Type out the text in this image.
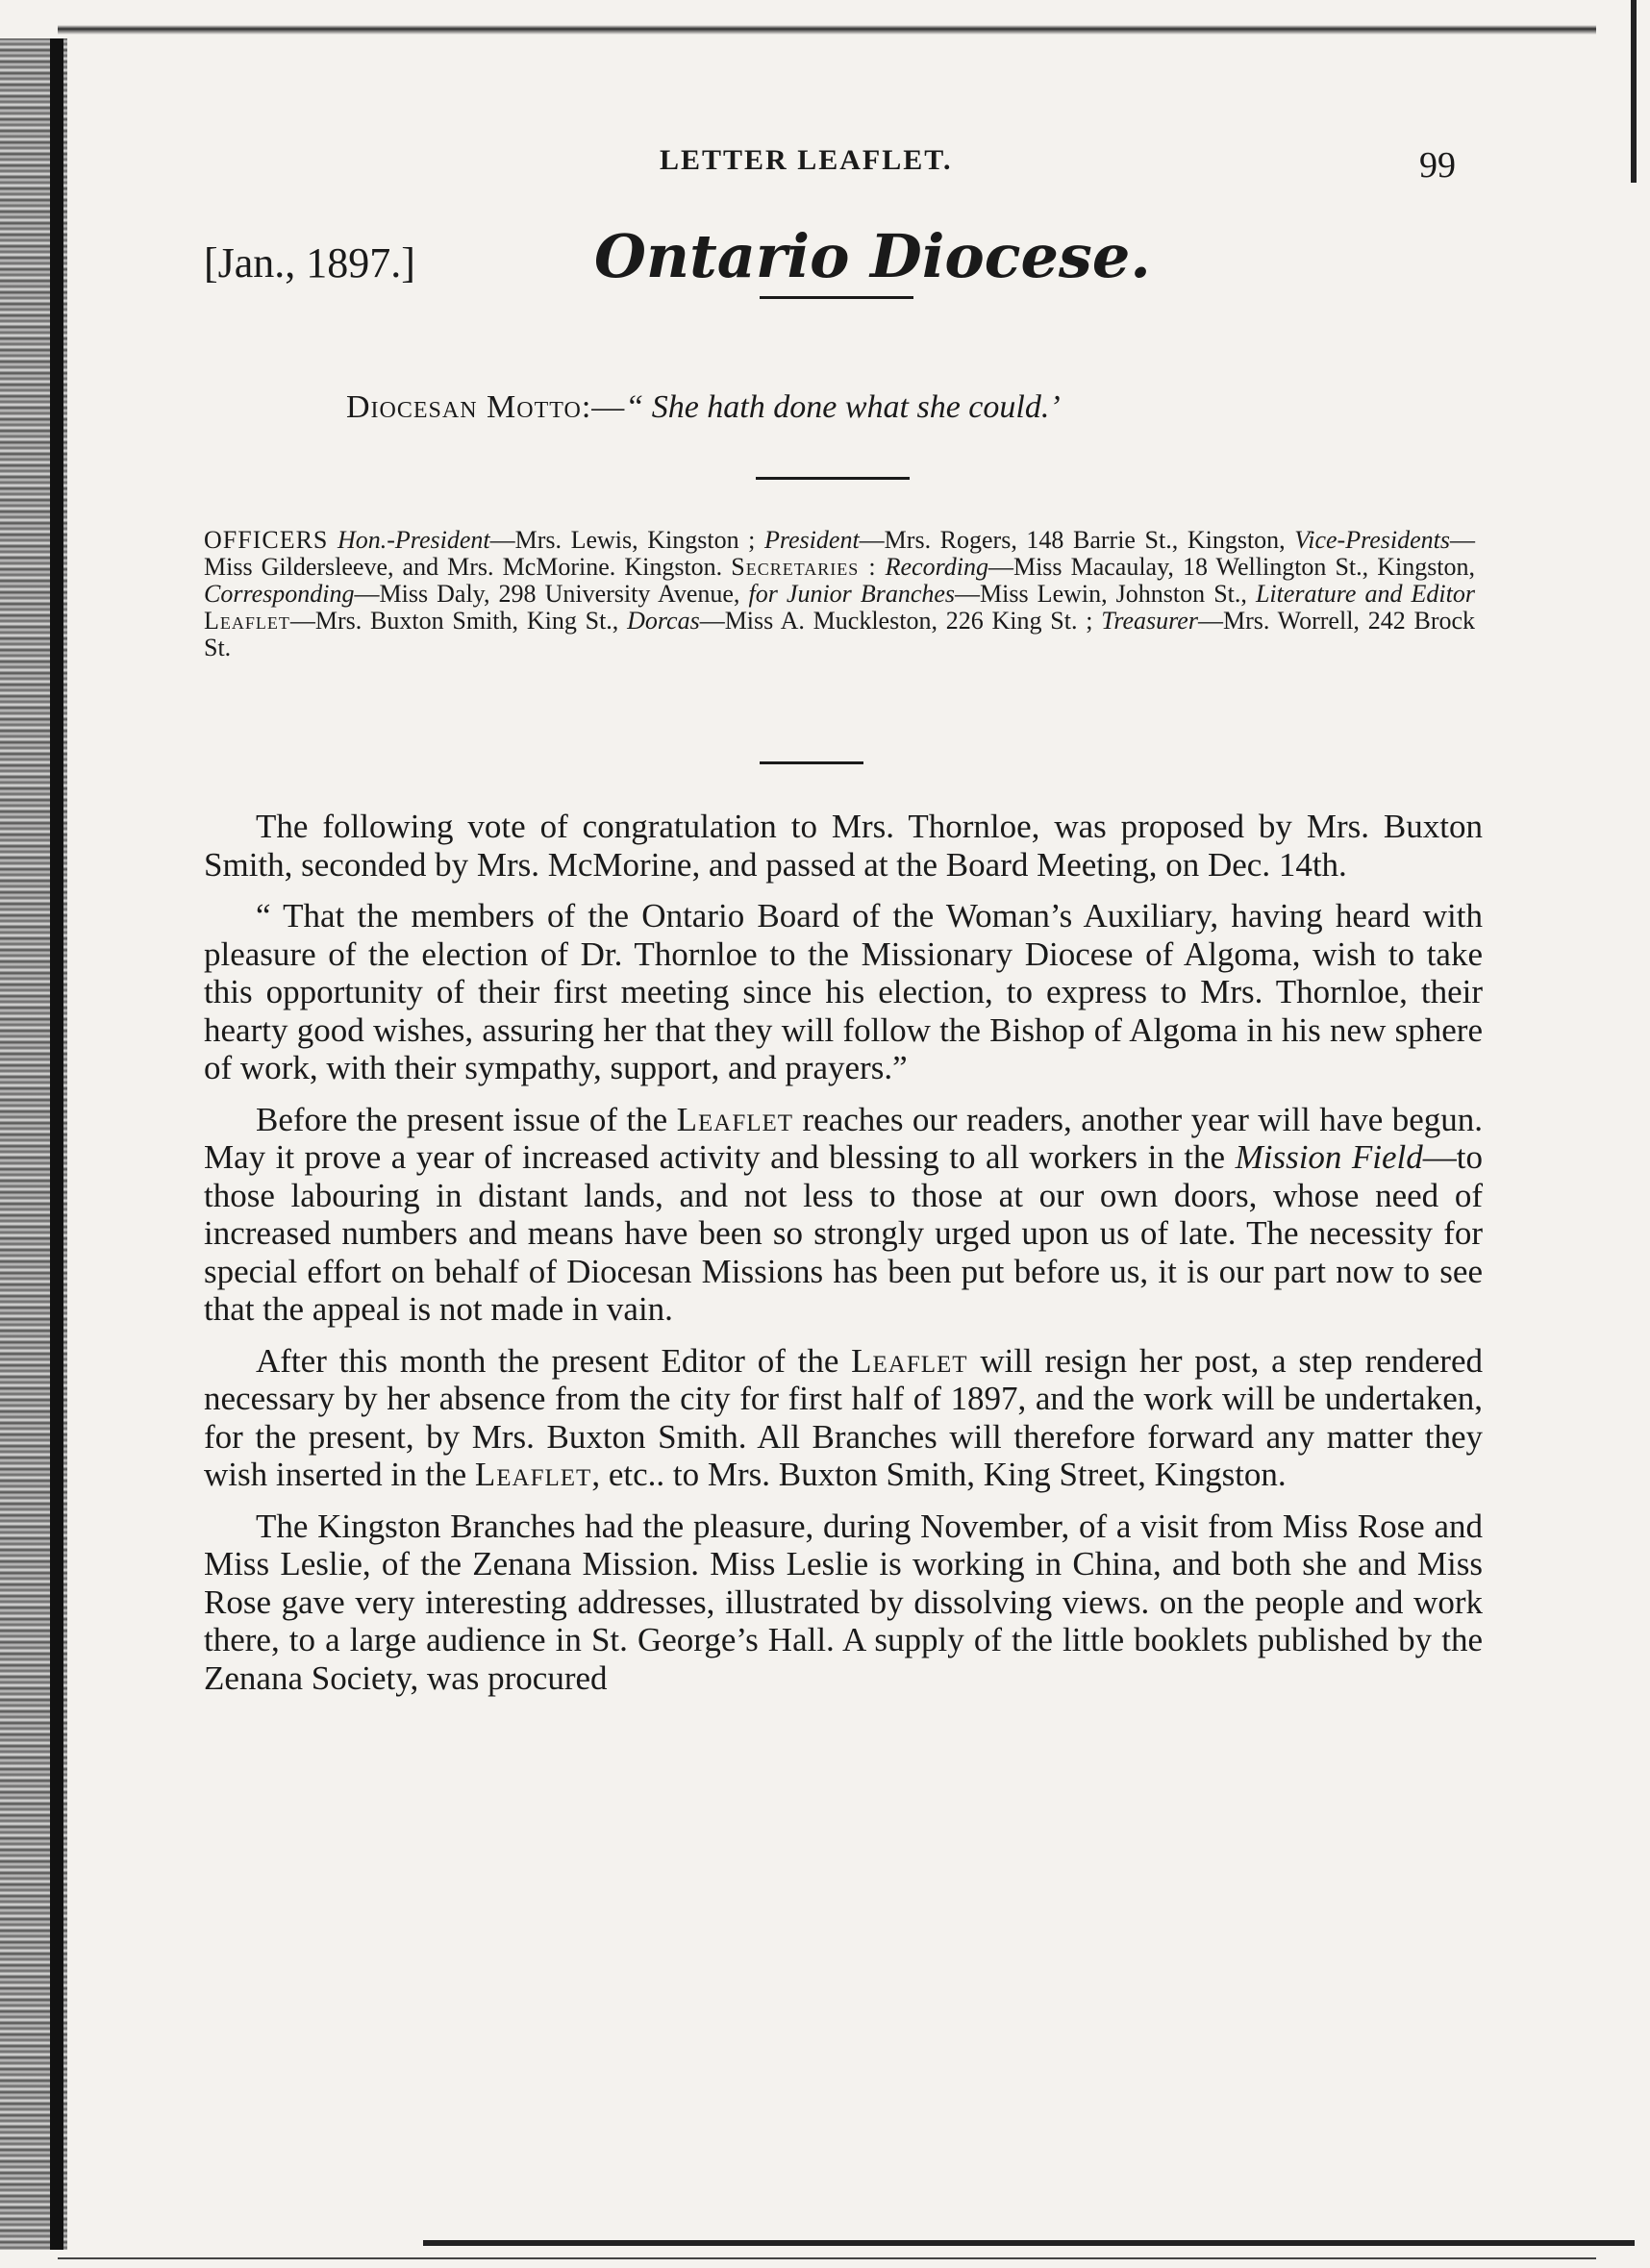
LETTER LEAFLET.	99
[Jan., 1897.]	Ontario Diocese.
Diocesan Motto:—“ She hath done what she could.’
OFFICERS Hon.-President—Mrs. Lewis, Kingston ; President—Mrs. Rogers, 148 Barrie St., Kingston, Vice-Presidents—Miss Gildersleeve, and Mrs. McMorine. Kingston. Secretaries : Recording—Miss Macaulay, 18 Wellington St., Kingston, Corresponding—Miss Daly, 298 University Avenue, for Junior Branches—Miss Lewin, Johnston St., Literature and Editor Leaflet—Mrs. Buxton Smith, King St., Dorcas—Miss A. Muckleston, 226 King St. ; Treasurer—Mrs. Worrell, 242 Brock St.

The following vote of congratulation to Mrs. Thornloe, was proposed by Mrs. Buxton Smith, seconded by Mrs. McMorine, and passed at the Board Meeting, on Dec. 14th.

“ That the members of the Ontario Board of the Woman’s Auxiliary, having heard with pleasure of the election of Dr. Thornloe to the Missionary Diocese of Algoma, wish to take this opportunity of their first meeting since his election, to express to Mrs. Thornloe, their hearty good wishes, assuring her that they will follow the Bishop of Algoma in his new sphere of work, with their sympathy, support, and prayers.”

Before the present issue of the Leaflet reaches our readers, another year will have begun. May it prove a year of increased activity and blessing to all workers in the Mission Field—to those labouring in distant lands, and not less to those at our own doors, whose need of increased numbers and means have been so strongly urged upon us of late. The necessity for special effort on behalf of Diocesan Missions has been put before us, it is our part now to see that the appeal is not made in vain.

After this month the present Editor of the Leaflet will resign her post, a step rendered necessary by her absence from the city for first half of 1897, and the work will be undertaken, for the present, by Mrs. Buxton Smith. All Branches will therefore forward any matter they wish inserted in the Leaflet, etc.. to Mrs. Buxton Smith, King Street, Kingston.

The Kingston Branches had the pleasure, during November, of a visit from Miss Rose and Miss Leslie, of the Zenana Mission. Miss Leslie is working in China, and both she and Miss Rose gave very interesting addresses, illustrated by dissolving views. on the people and work there, to a large audience in St. George’s Hall. A supply of the little booklets published by the Zenana Society, was procured
